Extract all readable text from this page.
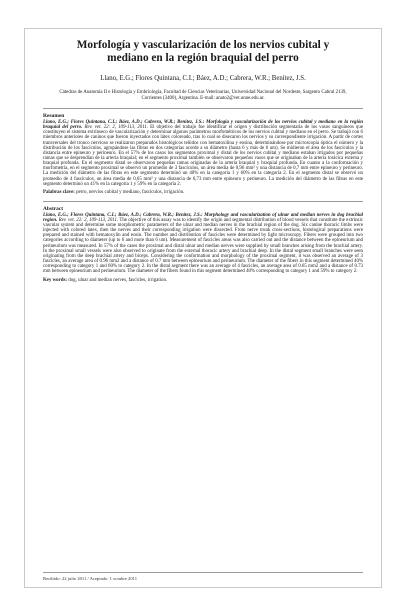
Morfología y vascularización de los nervios cubital y mediano en la región braquial del perro
Llano, E.G.; Flores Quintana, C.I.; Báez, A.D.; Cabrera, W.R.; Benítez, J.S.
Cátedras de Anatomía II e Histología y Embriología, Facultad de Ciencias Veterinarias, Universidad Nacional del Nordeste, Sargento Cabral 2139, Corrientes (3400), Argentina. E-mail: anato2@vet.unne.edu.ar.
Resumen
Llano, E.G.; Flores Quintana, C.I.; Báez, A.D.; Cabrera, W.R.; Benítez, J.S.: Morfología y vascularización de los nervios cubital y mediano en la región braquial del perro. Rev. vet. 22: 2, 109-113, 2011. El objetivo del trabajo fue identificar el origen y distribución segmentaria de los vasos sanguíneos que constituyen el sistema extrínseco de vascularización y determinar algunos parámetros morfométricos de los nervios cubital y mediano en el perro. Se trabajó con 6 miembros anteriores de caninos que fueron inyectados con látex coloreado, tras lo cual se disecaron los nervios y su correspondiente irrigación. A partir de cortes transversales del tronco nervioso se realizaron preparados histológicos teñidos con hematoxilina y eosina, determinándose por microscopía óptica el número y la distribución de los fascículos, agrupándose las fibras en dos categorías acorde a su diámetro (hasta 6 y más de 6 um). Se midieron el área de los fascículos y la distancia entre epineuro y perineuro. En el 57% de los casos los segmentos proximal y distal de los nervios cubital y mediano estaban irrigados por pequeñas ramas que se desprendían de la arteria braquial; en el segmento proximal también se observaron pequeños vasos que se originaban de la arteria torácica externa y braquial profunda. En el segmento distal se observaron pequeñas ramas originadas de la arteria braquial y braquial profunda. En cuanto a la conformación y morfometría, en el segmento proximal se observó un promedio de 3 fascículos, un área media de 0,96 mm² y una distancia de 0,7 mm entre epineuro y perineuro. La medición del diámetro de las fibras en este segmento determinó un 40% en la categoría 1 y 60% en la categoría 2. En el segmento distal se observó un promedio de 4 fascículos, un área media de 0,65 mm² y una distancia de 0,73 mm entre epineuro y perineuro. La medición del diámetro de las fibras en este segmento determinó un 41% en la categoría 1 y 59% en la categoría 2.
Palabras clave: perro, nervios cubital y mediano, fascículos, irrigación.
Abstract
Llano, E.G.; Flores Quintana, C.I.; Báez, A.D.; Cabrera, W.R.; Benítez, J.S.: Morphology and vascularization of ulnar and median nerves in dog brachial region. Rev. vet. 22: 2, 109-113, 2011. The objective of this assay was to identify the origin and segmental distribution of blood vessels that constitute the extrinsic vascular system and determine some morphometric parameters of the ulnar and median nerves in the brachial region of the dog. Six canine thoracic limbs were injected with colored latex, then the nerves and their corresponding irrigation were dissected. From nerve trunk cross-sections, histological preparations were prepared and stained with hematoxylin and eosin. The number and distribution of fascicles were determined by light microscopy. Fibers were grouped into two categories according to diameter (up to 6 and more than 6 um). Measurement of fascicles areas was also carried out and the distance between the epineurium and perineurium was measured. In 57% of the cases the proximal and distal ulnar and median nerves were supplied by small branches arising from the brachial artery. In the proximal small vessels were also observed to originate from the external thoracic artery and brachial deep. In the distal segment small branches were seen originating from the deep brachial artery and biceps. Considering the conformation and morphology of the proximal segment, it was observed an average of 3 fascicles, an average area of 0.96 mm2 and a distance of 0.7 mm between epineurium and perineurium. The diameter of the fibers in this segment determined 40% corresponding to category 1 and 60% to category 2. In the distal segment there was an average of 4 fascicles, an average area of 0.65 mm2 and a distance of 0.73 mm between epineurium and perineurium. The diameter of the fibers found in this segment determined 40% corresponding to category 1 and 59% to category 2.
Key words: dog, ulnar and median nerves, fascicles, irrigation.
Recibido: 22 julio 2011 / Aceptado: 1 octubre 2011
